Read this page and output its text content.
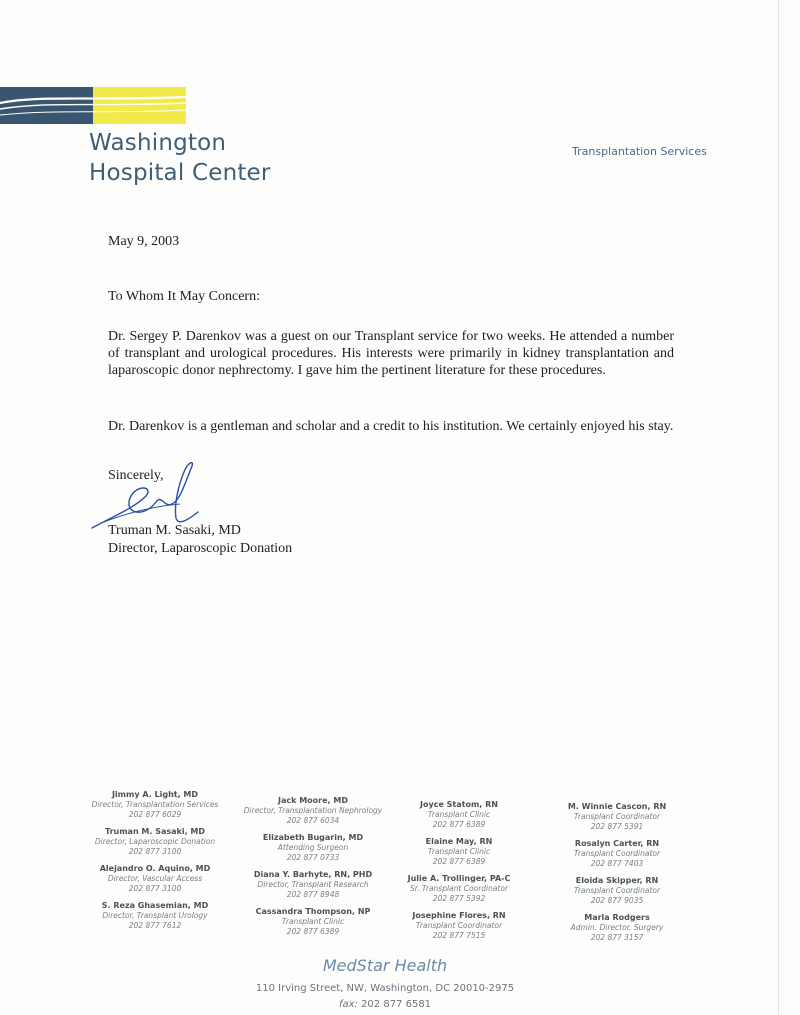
Washington
Hospital Center
Transplantation Services
May 9, 2003
To Whom It May Concern:
Dr. Sergey P. Darenkov was a guest on our Transplant service for two weeks. He attended a number of transplant and urological procedures. His interests were primarily in kidney transplantation and laparoscopic donor nephrectomy. I gave him the pertinent literature for these procedures.
Dr. Darenkov is a gentleman and scholar and a credit to his institution. We certainly enjoyed his stay.
Sincerely,
Truman M. Sasaki, MD
Director, Laparoscopic Donation
Jimmy A. Light, MD
Director, Transplantation Services
202 877 6029
Truman M. Sasaki, MD
Director, Laparoscopic Donation
202 877 3100
Alejandro O. Aquino, MD
Director, Vascular Access
202 877 3100
S. Reza Ghasemian, MD
Director, Transplant Urology
202 877 7612
Jack Moore, MD
Director, Transplantation Nephrology
202 877 6034
Elizabeth Bugarin, MD
Attending Surgeon
202 877 0733
Diana Y. Barhyte, RN, PHD
Director, Transplant Research
202 877 8948
Cassandra Thompson, NP
Transplant Clinic
202 877 6389
Joyce Statom, RN
Transplant Clinic
202 877 6389
Elaine May, RN
Transplant Clinic
202 877 6389
Julie A. Trollinger, PA-C
Sr. Transplant Coordinator
202 877 5392
Josephine Flores, RN
Transplant Coordinator
202 877 7515
M. Winnie Cascon, RN
Transplant Coordinator
202 877 5391
Rosalyn Carter, RN
Transplant Coordinator
202 877 7403
Eloida Skipper, RN
Transplant Coordinator
202 877 9035
Marla Rodgers
Admin. Director, Surgery
202 877 3157
MedStar Health
110 Irving Street, NW, Washington, DC 20010-2975
fax: 202 877 6581
